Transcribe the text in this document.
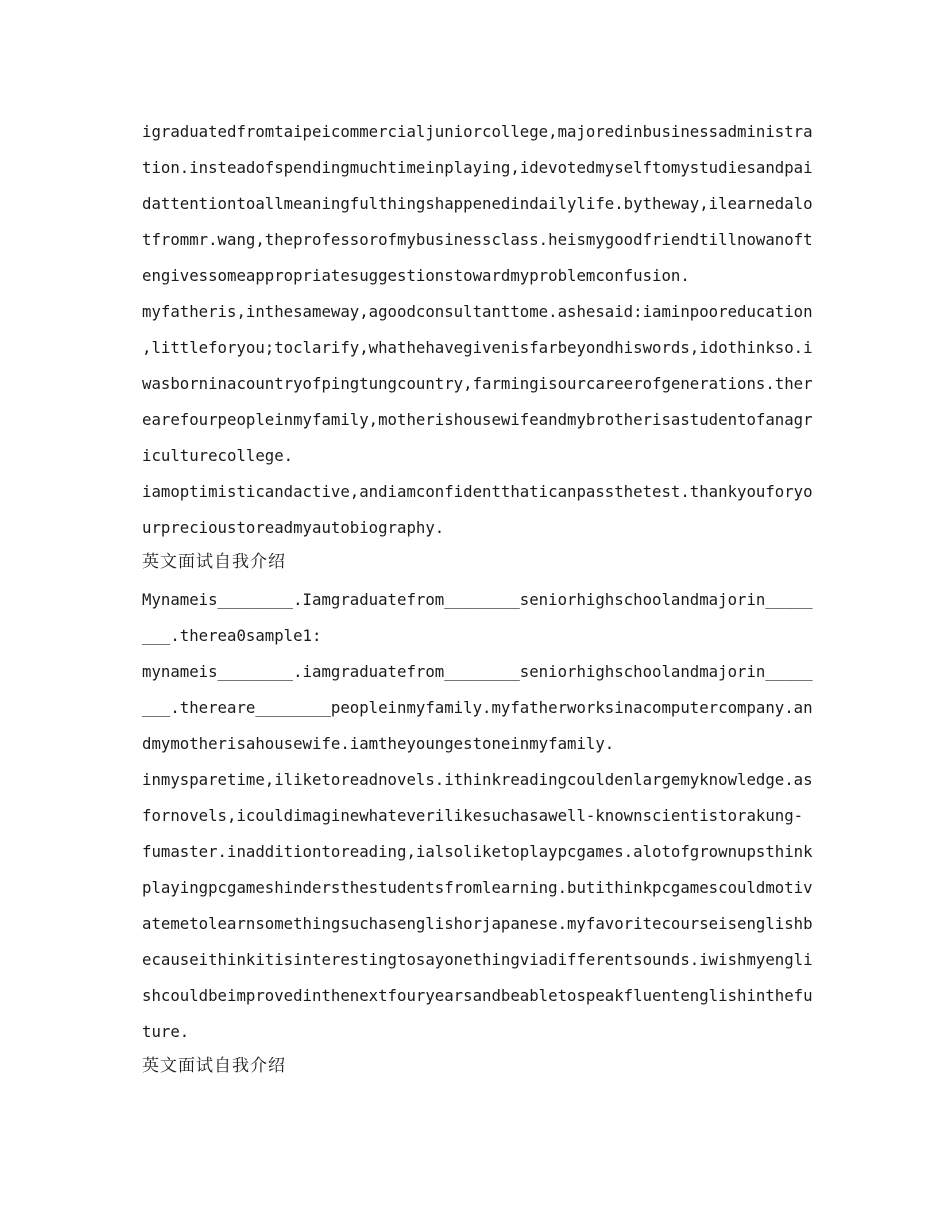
igraduatedfromtaipeicommercialjuniorcollege,majoredinbusinessadministra
tion.insteadofspendingmuchtimeinplaying,idevotedmyselftomystudiesandpai
dattentiontoallmeaningfulthingshappenedindailylife.bytheway,ilearnedalo
tfrommr.wang,theprofessorofmybusinessclass.heismygoodfriendtillnowanoft
engivessomeappropriatesuggestionstowardmyproblemconfusion.
myfatheris,inthesameway,agoodconsultanttome.ashesaid:iaminpooreducation
,littleforyou;toclarify,whathehavegivenisfarbeyondhiswords,idothinkso.i
wasborninacountryofpingtungcountry,farmingisourcareerofgenerations.ther
earefourpeopleinmyfamily,motherishousewifeandmybrotherisastudentofanagr
iculturecollege.
iamoptimisticandactive,andiamconfidentthaticanpassthetest.thankyouforyo
urprecioustoreadmyautobiography.
英文面试自我介绍
Mynameis________.Iamgraduatefrom________seniorhighschoolandmajorin_____
___.therea0sample1:
mynameis________.iamgraduatefrom________seniorhighschoolandmajorin_____
___.thereare________peopleinmyfamily.myfatherworksinacomputercompany.an
dmymotherisahousewife.iamtheyoungestoneinmyfamily.
inmysparetime,iliketoreadnovels.ithinkreadingcouldenlargemyknowledge.as
fornovels,icouldimaginewhateverilikesuchasawell-knownscientistorakung-
fumaster.inadditiontoreading,ialsoliketoplaypcgames.alotofgrownupsthink
playingpcgameshindersthestudentsfromlearning.butithinkpcgamescouldmotiv
atemetolearnsomethingsuchasenglishorjapanese.myfavoritecourseisenglishb
ecauseithinkitisinterestingtosayonethingviadifferentsounds.iwishmyengli
shcouldbeimprovedinthenextfouryearsandbeabletospeakfluentenglishinthefu
ture.
英文面试自我介绍
